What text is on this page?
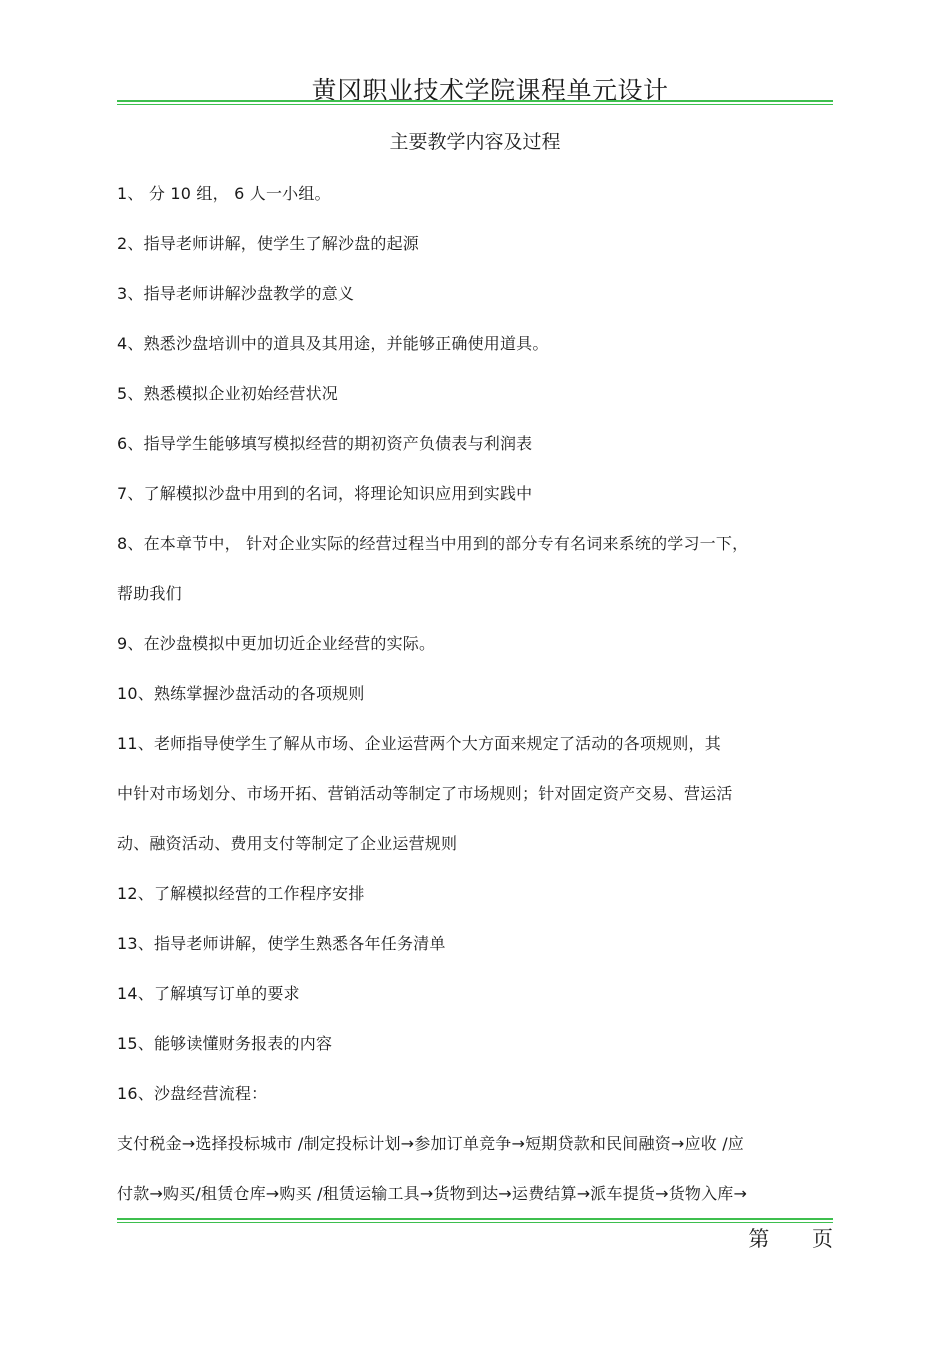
黄冈职业技术学院课程单元设计
主要教学内容及过程
1、 分 10 组， 6 人一小组。
2、指导老师讲解，使学生了解沙盘的起源
3、指导老师讲解沙盘教学的意义
4、熟悉沙盘培训中的道具及其用途，并能够正确使用道具。
5、熟悉模拟企业初始经营状况
6、指导学生能够填写模拟经营的期初资产负债表与利润表
7、了解模拟沙盘中用到的名词，将理论知识应用到实践中
8、在本章节中， 针对企业实际的经营过程当中用到的部分专有名词来系统的学习一下，
帮助我们
9、在沙盘模拟中更加切近企业经营的实际。
10、熟练掌握沙盘活动的各项规则
11、老师指导使学生了解从市场、企业运营两个大方面来规定了活动的各项规则，其
中针对市场划分、市场开拓、营销活动等制定了市场规则；针对固定资产交易、营运活
动、融资活动、费用支付等制定了企业运营规则
12、了解模拟经营的工作程序安排
13、指导老师讲解，使学生熟悉各年任务清单
14、了解填写订单的要求
15、能够读懂财务报表的内容
16、沙盘经营流程：
支付税金→选择投标城市 /制定投标计划→参加订单竞争→短期贷款和民间融资→应收 /应
付款→购买/租赁仓库→购买 /租赁运输工具→货物到达→运费结算→派车提货→货物入库→
第 页
